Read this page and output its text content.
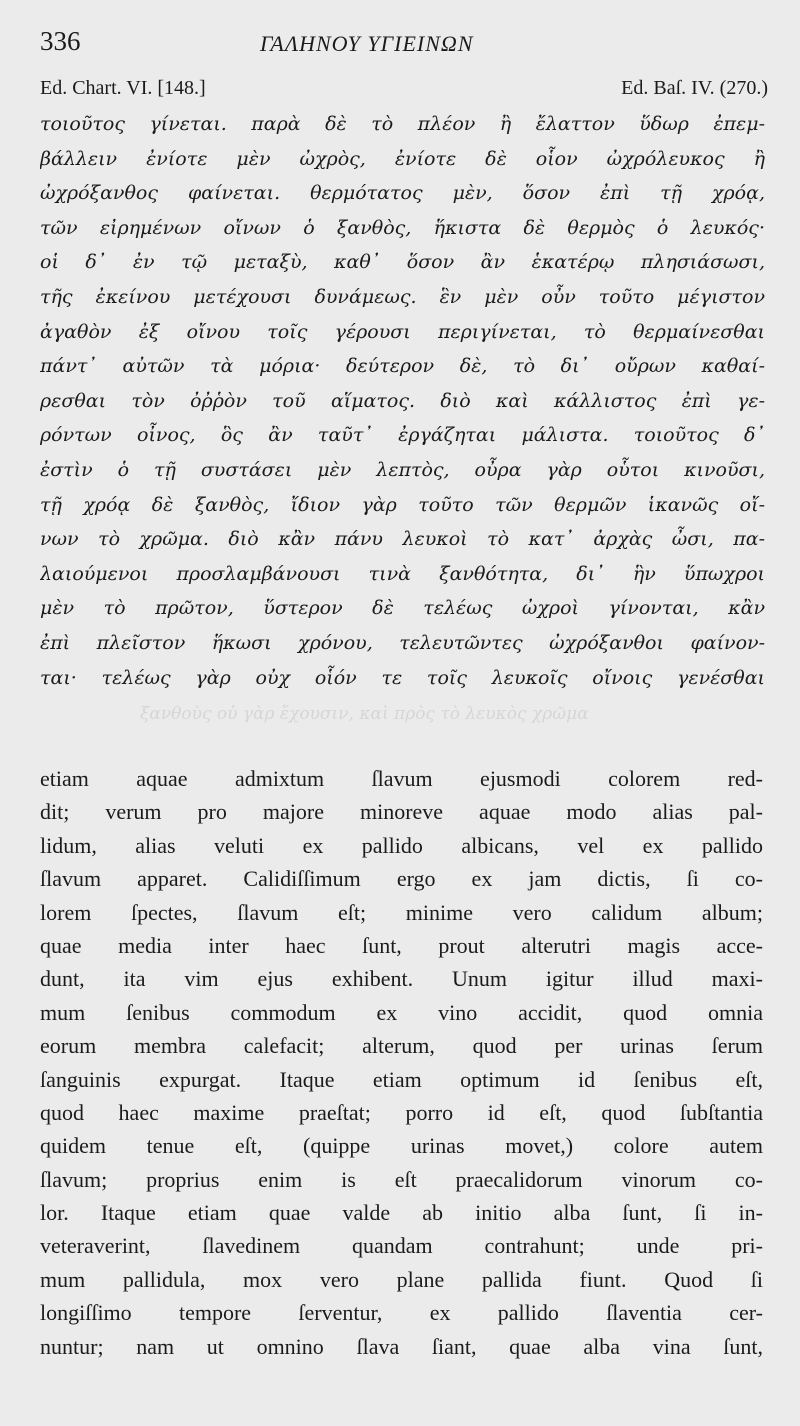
336	ΓΑΛΗΝΟΥ ΥΓΙΕΙΝΩΝ
Ed. Chart. VI. [148.]	Ed. Baſ. IV. (270.)
τοιοῦτος γίνεται. παρὰ δὲ τὸ πλέον ἢ ἔλαττον ὕδωρ ἐπεμ-
βάλλειν ἐνίοτε μὲν ὠχρὸς, ἐνίοτε δὲ οἷον ὠχρόλευκος ἢ
ὠχρόξανθος φαίνεται. θερμότατος μὲν, ὅσον ἐπὶ τῇ χρόᾳ,
τῶν εἰρημένων οἴνων ὁ ξανθὸς, ἥκιστα δὲ θερμὸς ὁ λευκός·
οἱ δ᾽ ἐν τῷ μεταξὺ, καθ᾽ ὅσον ἂν ἑκατέρῳ πλησιάσωσι,
τῆς ἐκείνου μετέχουσι δυνάμεως. ἓν μὲν οὖν τοῦτο μέγιστον
ἀγαθὸν ἐξ οἴνου τοῖς γέρουσι περιγίνεται, τὸ θερμαίνεσθαι
πάντ᾽ αὐτῶν τὰ μόρια· δεύτερον δὲ, τὸ δι᾽ οὔρων καθαί-
ρεσθαι τὸν ὀῤῥὸν τοῦ αἵματος. διὸ καὶ κάλλιστος ἐπὶ γε-
ρόντων οἶνος, ὃς ἂν ταῦτ᾽ ἐργάζηται μάλιστα. τοιοῦτος δ᾽
ἐστὶν ὁ τῇ συστάσει μὲν λεπτὸς, οὖρα γὰρ οὗτοι κινοῦσι,
τῇ χρόᾳ δὲ ξανθὸς, ἴδιον γὰρ τοῦτο τῶν θερμῶν ἱκανῶς οἴ-
νων τὸ χρῶμα. διὸ κἂν πάνυ λευκοὶ τὸ κατ᾽ ἀρχὰς ὦσι, πα-
λαιούμενοι προσλαμβάνουσι τινὰ ξανθότητα, δι᾽ ἣν ὕπωχροι
μὲν τὸ πρῶτον, ὕστερον δὲ τελέως ὠχροὶ γίνονται, κἂν
ἐπὶ πλεῖστον ἥκωσι χρόνου, τελευτῶντες ὠχρόξανθοι φαίνον-
ται· τελέως γὰρ οὐχ οἷόν τε τοῖς λευκοῖς οἴνοις γενέσθαι
ξανθοὺς οὐ γὰρ ἔχουσιν, καὶ πρὸς τὸ λευκὸς χρῶμα
etiam aquae admixtum ſlavum ejusmodi colorem red-
dit; verum pro majore minoreve aquae modo alias pal-
lidum, alias veluti ex pallido albicans, vel ex pallido
ſlavum apparet. Calidiſſimum ergo ex jam dictis, ſi co-
lorem ſpectes, ſlavum eſt; minime vero calidum album;
quae media inter haec ſunt, prout alterutri magis acce-
dunt, ita vim ejus exhibent. Unum igitur illud maxi-
mum ſenibus commodum ex vino accidit, quod omnia
eorum membra calefacit; alterum, quod per urinas ſerum
ſanguinis expurgat. Itaque etiam optimum id ſenibus eſt,
quod haec maxime praeſtat; porro id eſt, quod ſubſtantia
quidem tenue eſt, (quippe urinas movet,) colore autem
ſlavum; proprius enim is eſt praecalidorum vinorum co-
lor. Itaque etiam quae valde ab initio alba ſunt, ſi in-
veteraverint, ſlavedinem quandam contrahunt; unde pri-
mum pallidula, mox vero plane pallida fiunt. Quod ſi
longiſſimo tempore ſerventur, ex pallido ſlaventia cer-
nuntur; nam ut omnino ſlava ſiant, quae alba vina ſunt,
